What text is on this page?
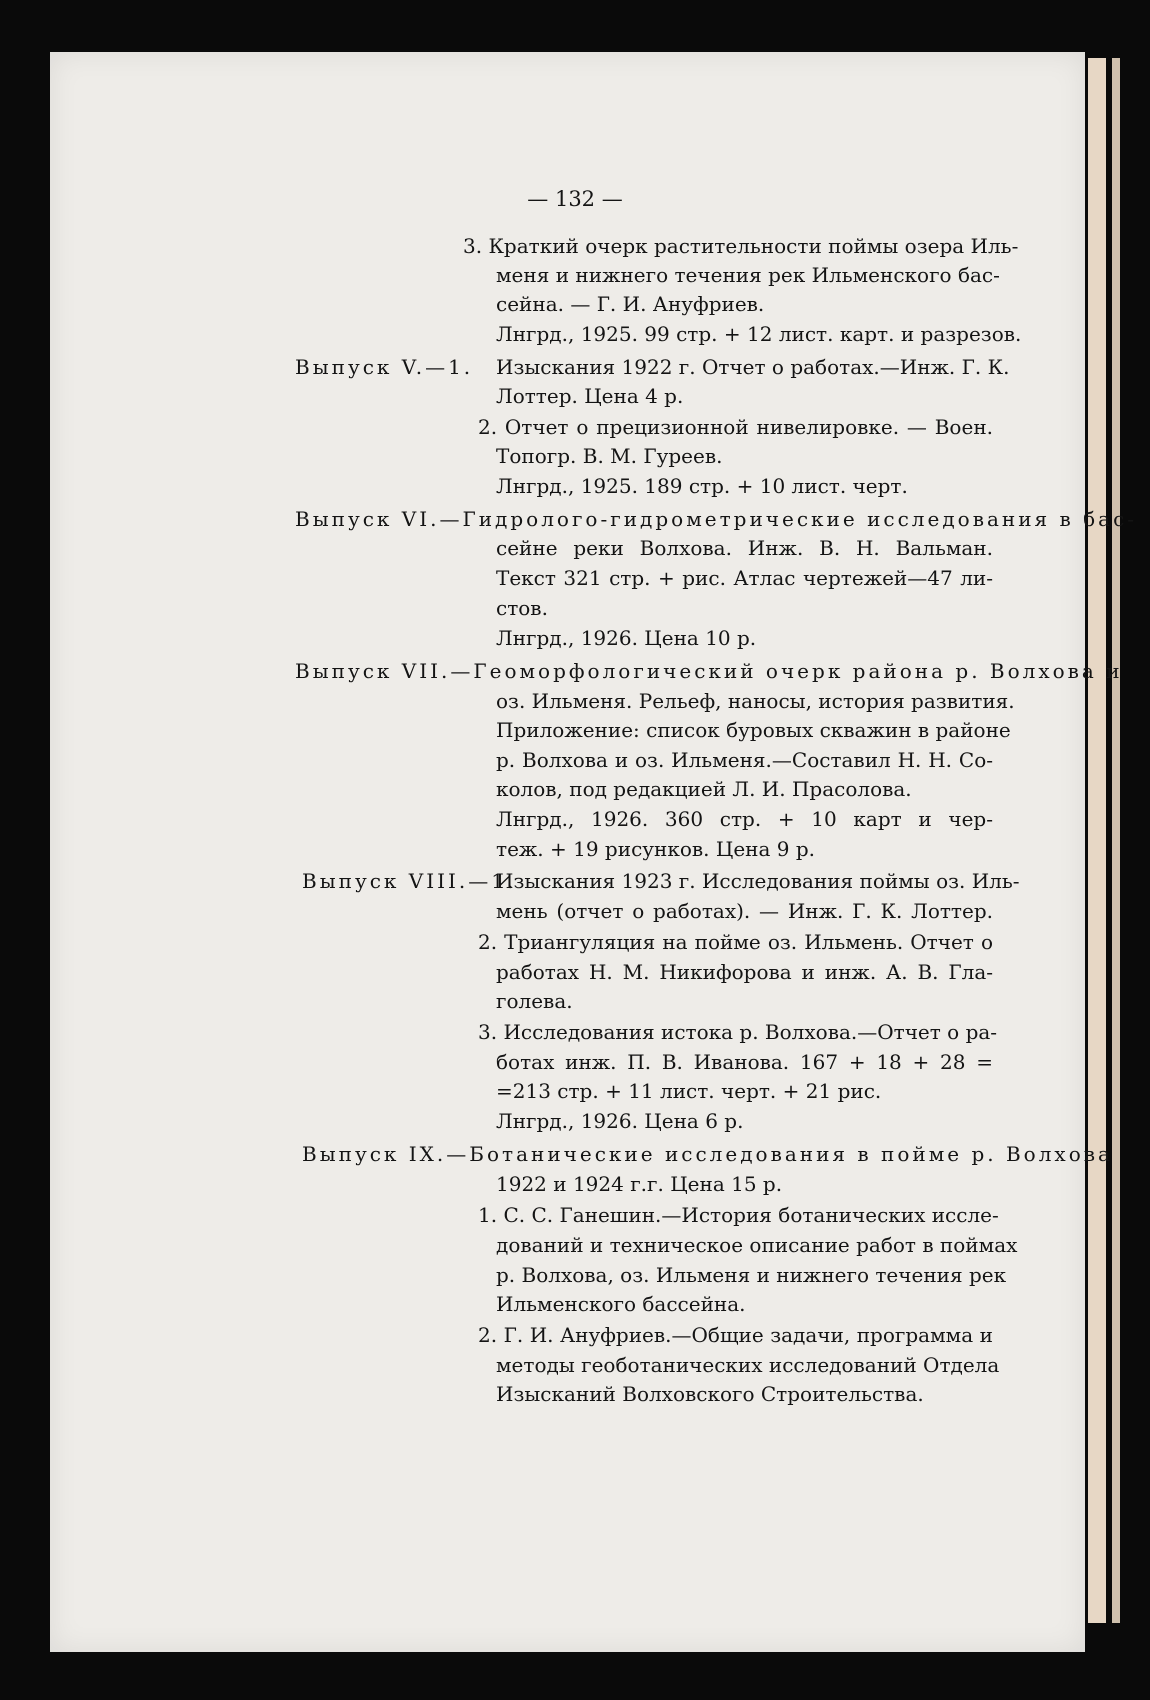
— 132 —
3. Краткий очерк растительности поймы озера Иль-
меня и нижнего течения рек Ильменского бас-
сейна. — Г. И. Ануфриев.
Лнгрд., 1925. 99 стр. + 12 лист. карт. и разрезов.
Выпуск V.—1.	Изыскания 1922 г. Отчет о работах.—Инж. Г. К.
Лоттер. Цена 4 р.
2. Отчет о прецизионной нивелировке. — Воен.
Топогр. В. М. Гуреев.
Лнгрд., 1925. 189 стр. + 10 лист. черт.
Выпуск VI.—Гидролого-гидрометрические исследования в бас-
сейне реки Волхова. Инж. В. Н. Вальман.
Текст 321 стр. + рис. Атлас чертежей—47 ли-
стов.
Лнгрд., 1926. Цена 10 р.
Выпуск VII.—Геоморфологический очерк района р. Волхова и
оз. Ильменя. Рельеф, наносы, история развития.
Приложение: список буровых скважин в районе
р. Волхова и оз. Ильменя.—Составил Н. Н. Со-
колов, под редакцией Л. И. Прасолова.
Лнгрд., 1926. 360 стр. + 10 карт и чер-
теж. + 19 рисунков. Цена 9 р.
Выпуск VIII.—1.
Изыскания 1923 г. Исследования поймы оз. Иль-
мень (отчет о работах). — Инж. Г. К. Лоттер.
2. Триангуляция на пойме оз. Ильмень. Отчет о
работах Н. М. Никифорова и инж. А. В. Гла-
голева.
3. Исследования истока р. Волхова.—Отчет о ра-
ботах инж. П. В. Иванова. 167 + 18 + 28 =
=213 стр. + 11 лист. черт. + 21 рис.
Лнгрд., 1926. Цена 6 р.
Выпуск IX.—Ботанические исследования в пойме р. Волхова
1922 и 1924 г.г. Цена 15 р.
1. С. С. Ганешин.—История ботанических иссле-
дований и техническое описание работ в поймах
р. Волхова, оз. Ильменя и нижнего течения рек
Ильменского бассейна.
2. Г. И. Ануфриев.—Общие задачи, программа и
методы геоботанических исследований Отдела
Изысканий Волховского Строительства.
